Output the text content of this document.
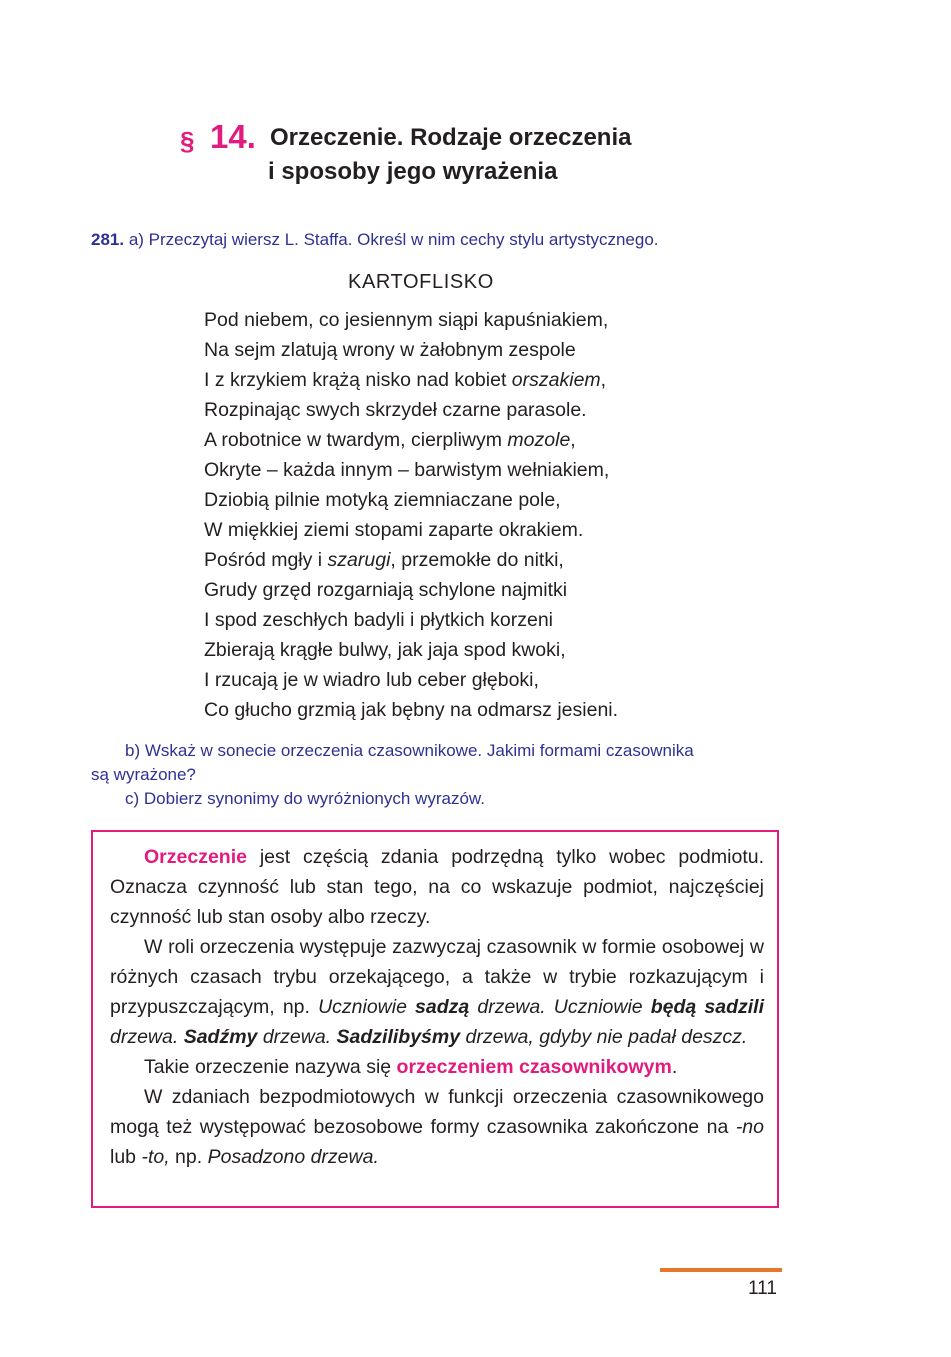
§ 14. Orzeczenie. Rodzaje orzeczenia
i sposoby jego wyrażenia
281. a) Przeczytaj wiersz L. Staffa. Określ w nim cechy stylu artystycznego.
KARTOFLISKO
Pod niebem, co jesiennym siąpi kapuśniakiem,
Na sejm zlatują wrony w żałobnym zespole
I z krzykiem krążą nisko nad kobiet orszakiem,
Rozpinając swych skrzydeł czarne parasole.
A robotnice w twardym, cierpliwym mozole,
Okryte – każda innym – barwistym wełniakiem,
Dziobią pilnie motyką ziemniaczane pole,
W miękkiej ziemi stopami zaparte okrakiem.
Pośród mgły i szarugi, przemokłe do nitki,
Grudy grzęd rozgarniają schylone najmitki
I spod zeschłych badyli i płytkich korzeni
Zbierają krągłe bulwy, jak jaja spod kwoki,
I rzucają je w wiadro lub ceber głęboki,
Co głucho grzmią jak bębny na odmarsz jesieni.
b) Wskaż w sonecie orzeczenia czasownikowe. Jakimi formami czasownika
są wyrażone?
c) Dobierz synonimy do wyróżnionych wyrazów.

Orzeczenie jest częścią zdania podrzędną tylko wobec podmiotu. Oznacza czynność lub stan tego, na co wskazuje podmiot, najczęściej czynność lub stan osoby albo rzeczy.

W roli orzeczenia występuje zazwyczaj czasownik w formie osobowej w różnych czasach trybu orzekającego, a także w trybie rozkazującym i przypuszczającym, np. Uczniowie sadzą drzewa. Uczniowie będą sadzili drzewa. Sadźmy drzewa. Sadzilibyśmy drzewa, gdyby nie padał deszcz.

Takie orzeczenie nazywa się orzeczeniem czasownikowym.

W zdaniach bezpodmiotowych w funkcji orzeczenia czasownikowego mogą też występować bezosobowe formy czasownika zakończone na -no lub -to, np. Posadzono drzewa.

111
